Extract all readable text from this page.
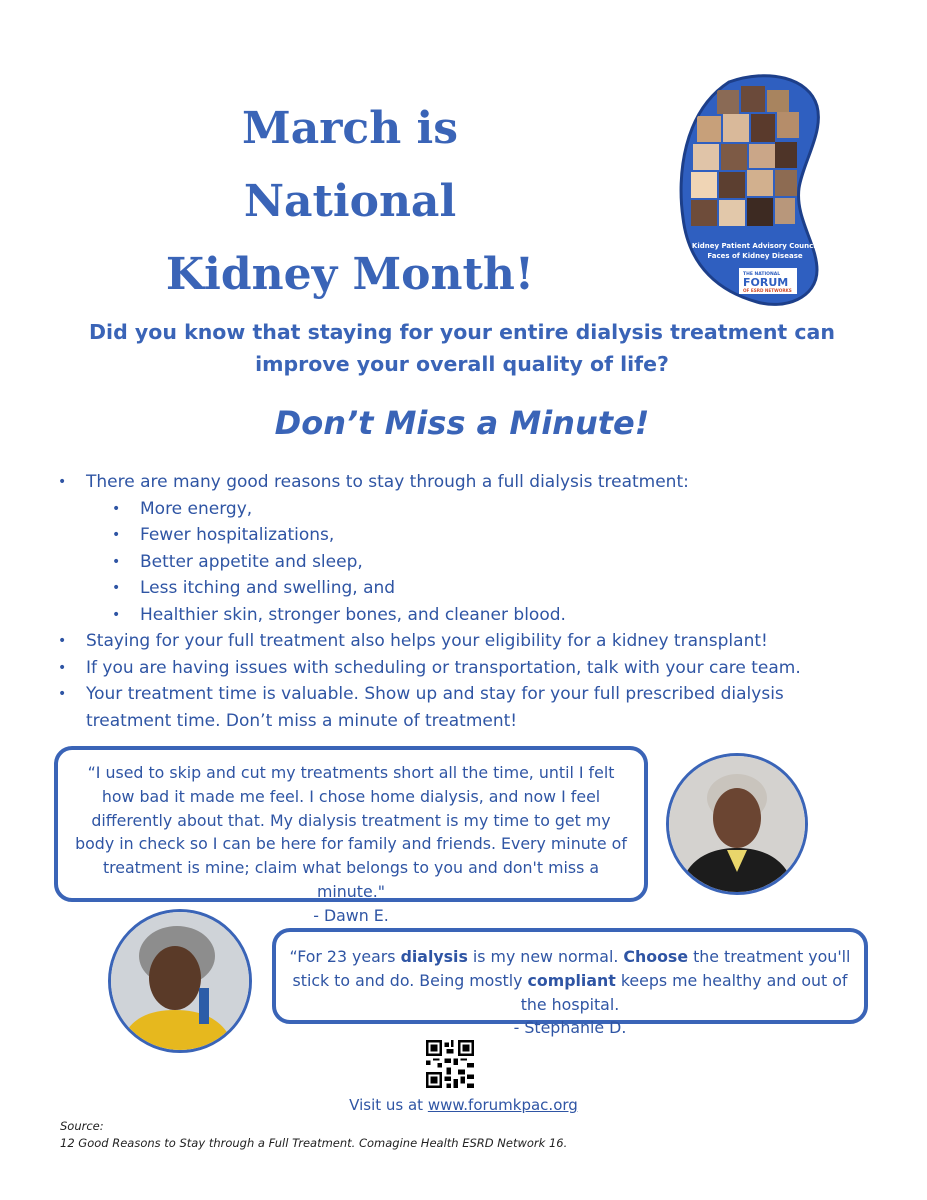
March is
National
Kidney Month!
Kidney Patient Advisory Council
Faces of Kidney Disease
THE NATIONAL
FORUM
OF ESRD NETWORKS
Did you know that staying for your entire dialysis treatment can improve your overall quality of life?
Don’t Miss a Minute!
• There are many good reasons to stay through a full dialysis treatment:
• More energy,
• Fewer hospitalizations,
• Better appetite and sleep,
• Less itching and swelling, and
• Healthier skin, stronger bones, and cleaner blood.
• Staying for your full treatment also helps your eligibility for a kidney transplant!
• If you are having issues with scheduling or transportation, talk with your care team.
• Your treatment time is valuable. Show up and stay for your full prescribed dialysis treatment time. Don’t miss a minute of treatment!
“I used to skip and cut my treatments short all the time, until I felt how bad it made me feel. I chose home dialysis, and now I feel differently about that. My dialysis treatment is my time to get my body in check so I can be here for family and friends. Every minute of treatment is mine; claim what belongs to you and don't miss a minute."
- Dawn E.
“For 23 years dialysis is my new normal. Choose the treatment you'll stick to and do. Being mostly compliant keeps me healthy and out of the hospital.
- Stephanie D.
Visit us at www.forumkpac.org
Source:
12 Good Reasons to Stay through a Full Treatment. Comagine Health ESRD Network 16.
